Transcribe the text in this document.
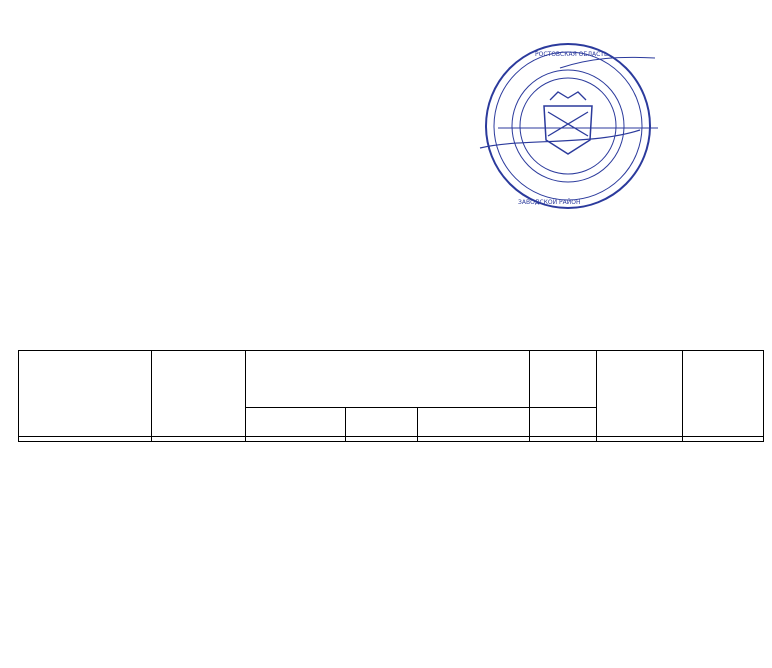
РОСТОВСКАЯ ОБЛАСТЬ
ЗАВОДСКОЙ РАЙОН
